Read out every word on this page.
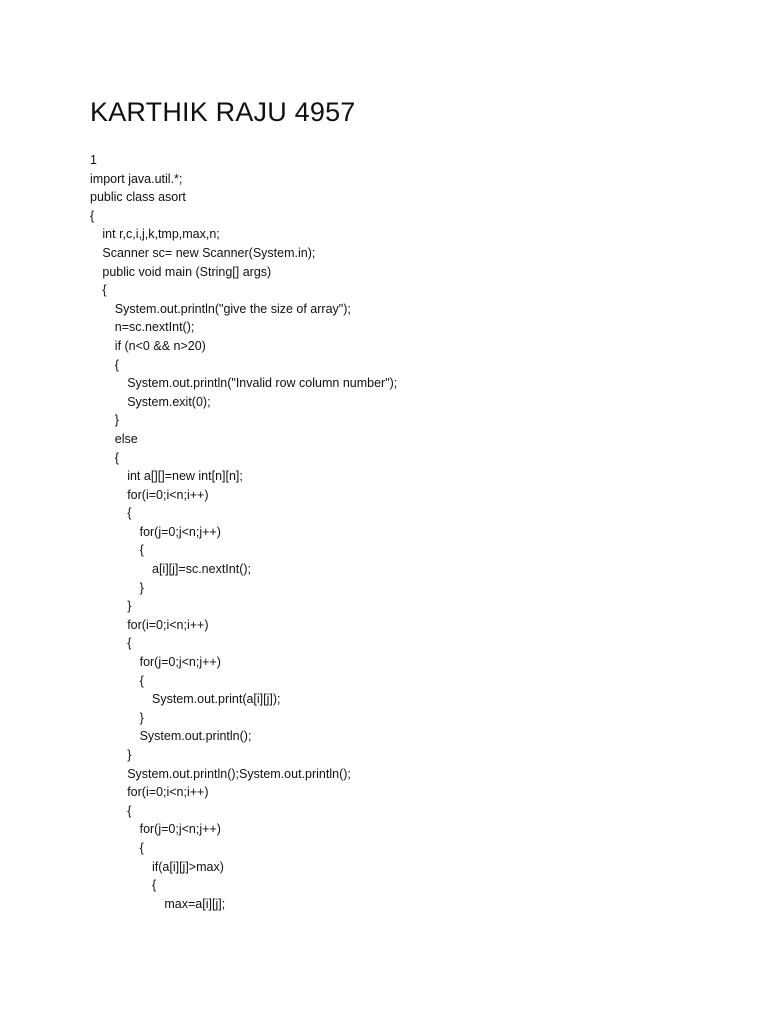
KARTHIK RAJU 4957
1
import java.util.*;
public class asort
{
int r,c,i,j,k,tmp,max,n;
Scanner sc= new Scanner(System.in);
public void main (String[] args)
{
System.out.println("give the size of array");
n=sc.nextInt();
if (n<0 && n>20)
{
System.out.println("Invalid row column number");
System.exit(0);
}
else
{
int a[][]=new int[n][n];
for(i=0;i<n;i++)
{
for(j=0;j<n;j++)
{
a[i][j]=sc.nextInt();
}
}
for(i=0;i<n;i++)
{
for(j=0;j<n;j++)
{
System.out.print(a[i][j]);
}
System.out.println();
}
System.out.println();System.out.println();
for(i=0;i<n;i++)
{
for(j=0;j<n;j++)
{
if(a[i][j]>max)
{
max=a[i][j];
